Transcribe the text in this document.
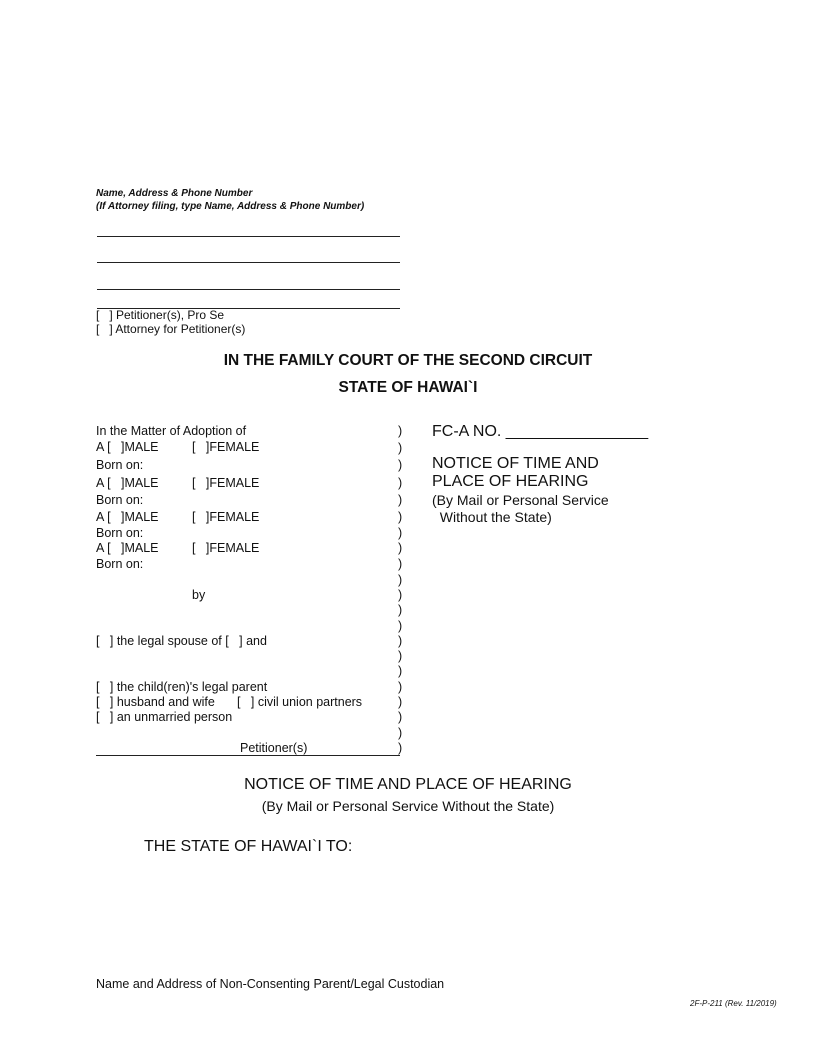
Name, Address & Phone Number
(If Attorney filing, type Name, Address & Phone Number)
[   ] Petitioner(s), Pro Se
[   ] Attorney for Petitioner(s)
IN THE FAMILY COURT OF THE SECOND CIRCUIT
STATE OF HAWAI`I
In the Matter of Adoption of
A [   ]MALE	[   ]FEMALE
Born on:
A [   ]MALE	[   ]FEMALE
Born on:
A [   ]MALE	[   ]FEMALE
Born on:
A [   ]MALE	[   ]FEMALE
Born on:
by
[   ] the legal spouse of [   ] and
[   ] the child(ren)'s legal parent
[   ] husband and wife [   ] civil union partners
[   ] an unmarried person
Petitioner(s)
)
)
)
)
)
)
)
)
)
)
)
)
)
)
)
)
)
)
)
)
)
FC-A NO. ________________
NOTICE OF TIME AND
PLACE OF HEARING
(By Mail or Personal Service
Without the State)
NOTICE OF TIME AND PLACE OF HEARING
(By Mail or Personal Service Without the State)
THE STATE OF HAWAI`I TO:
Name and Address of Non-Consenting Parent/Legal Custodian
2F-P-211 (Rev. 11/2019)
